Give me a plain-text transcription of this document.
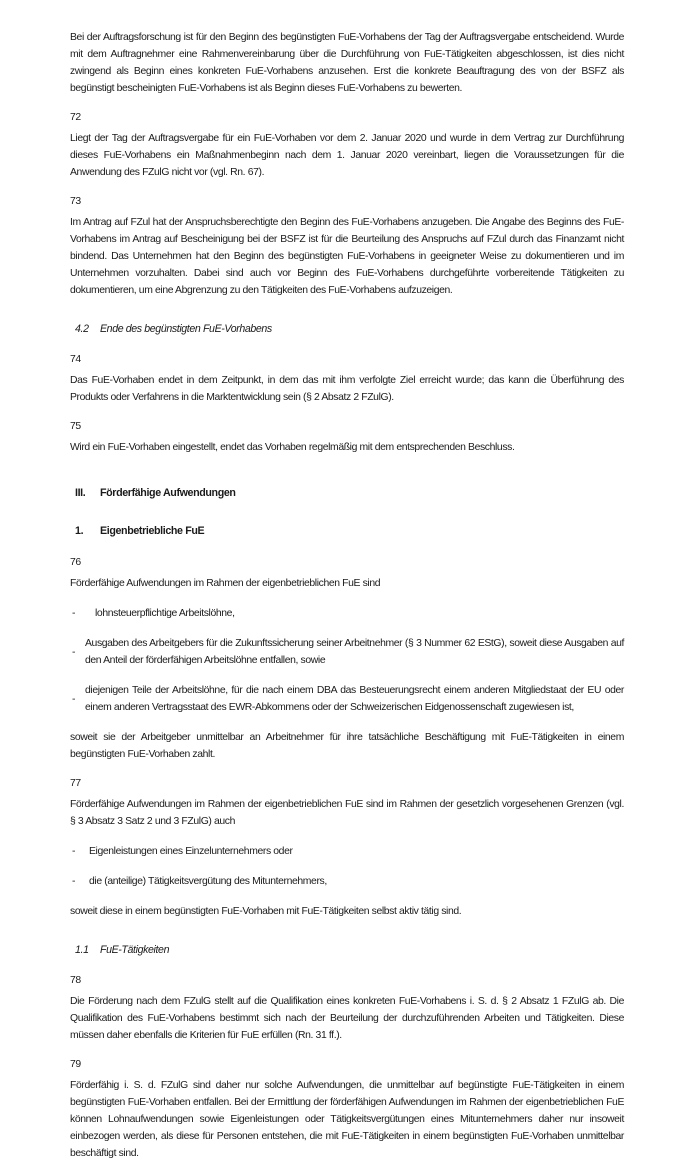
Bei der Auftragsforschung ist für den Beginn des begünstigten FuE-Vorhabens der Tag der Auftragsvergabe entscheidend. Wurde mit dem Auftragnehmer eine Rahmenvereinbarung über die Durchführung von FuE-Tätigkeiten abgeschlossen, ist dies nicht zwingend als Beginn eines konkreten FuE-Vorhabens anzusehen. Erst die konkrete Beauftragung des von der BSFZ als begünstigt bescheinigten FuE-Vorhabens ist als Beginn dieses FuE-Vorhabens zu bewerten.

72

Liegt der Tag der Auftragsvergabe für ein FuE-Vorhaben vor dem 2. Januar 2020 und wurde in dem Vertrag zur Durchführung dieses FuE-Vorhabens ein Maßnahmenbeginn nach dem 1. Januar 2020 vereinbart, liegen die Voraussetzungen für die Anwendung des FZulG nicht vor (vgl. Rn. 67).

73

Im Antrag auf FZul hat der Anspruchsberechtigte den Beginn des FuE-Vorhabens anzugeben. Die Angabe des Beginns des FuE-Vorhabens im Antrag auf Bescheinigung bei der BSFZ ist für die Beurteilung des Anspruchs auf FZul durch das Finanzamt nicht bindend. Das Unternehmen hat den Beginn des begünstigten FuE-Vorhabens in geeigneter Weise zu dokumentieren und im Unternehmen vorzuhalten. Dabei sind auch vor Beginn des FuE-Vorhabens durchgeführte vorbereitende Tätigkeiten zu dokumentieren, um eine Abgrenzung zu den Tätigkeiten des FuE-Vorhabens aufzuzeigen.

4.2	Ende des begünstigten FuE-Vorhabens
74

Das FuE-Vorhaben endet in dem Zeitpunkt, in dem das mit ihm verfolgte Ziel erreicht wurde; das kann die Überführung des Produkts oder Verfahrens in die Marktentwicklung sein (§ 2 Absatz 2 FZulG).

75

Wird ein FuE-Vorhaben eingestellt, endet das Vorhaben regelmäßig mit dem entsprechenden Beschluss.

III.	Förderfähige Aufwendungen
1.	Eigenbetriebliche FuE
76

Förderfähige Aufwendungen im Rahmen der eigenbetrieblichen FuE sind

-	lohnsteuerpflichtige Arbeitslöhne,
-
Ausgaben des Arbeitgebers für die Zukunftssicherung seiner Arbeitnehmer (§ 3 Nummer 62 EStG), soweit diese Ausgaben auf den Anteil der förderfähigen Arbeitslöhne entfallen, sowie
-
diejenigen Teile der Arbeitslöhne, für die nach einem DBA das Besteuerungsrecht einem anderen Mitgliedstaat der EU oder einem anderen Vertragsstaat des EWR-Abkommens oder der Schweizerischen Eidgenossenschaft zugewiesen ist,

soweit sie der Arbeitgeber unmittelbar an Arbeitnehmer für ihre tatsächliche Beschäftigung mit FuE-Tätigkeiten in einem begünstigten FuE-Vorhaben zahlt.

77

Förderfähige Aufwendungen im Rahmen der eigenbetrieblichen FuE sind im Rahmen der gesetzlich vorgesehenen Grenzen (vgl. § 3 Absatz 3 Satz 2 und 3 FZulG) auch

-	Eigenleistungen eines Einzelunternehmers oder
-	die (anteilige) Tätigkeitsvergütung des Mitunternehmers,

soweit diese in einem begünstigten FuE-Vorhaben mit FuE-Tätigkeiten selbst aktiv tätig sind.

1.1	FuE-Tätigkeiten
78

Die Förderung nach dem FZulG stellt auf die Qualifikation eines konkreten FuE-Vorhabens i. S. d. § 2 Absatz 1 FZulG ab. Die Qualifikation des FuE-Vorhabens bestimmt sich nach der Beurteilung der durchzuführenden Arbeiten und Tätigkeiten. Diese müssen daher ebenfalls die Kriterien für FuE erfüllen (Rn. 31 ff.).

79

Förderfähig i. S. d. FZulG sind daher nur solche Aufwendungen, die unmittelbar auf begünstigte FuE-Tätigkeiten in einem begünstigten FuE-Vorhaben entfallen. Bei der Ermittlung der förderfähigen Aufwendungen im Rahmen der eigenbetrieblichen FuE können Lohnaufwendungen sowie Eigenleistungen oder Tätigkeitsvergütungen eines Mitunternehmers daher nur insoweit einbezogen werden, als diese für Personen entstehen, die mit FuE-Tätigkeiten in einem begünstigten FuE-Vorhaben unmittelbar beschäftigt sind.
